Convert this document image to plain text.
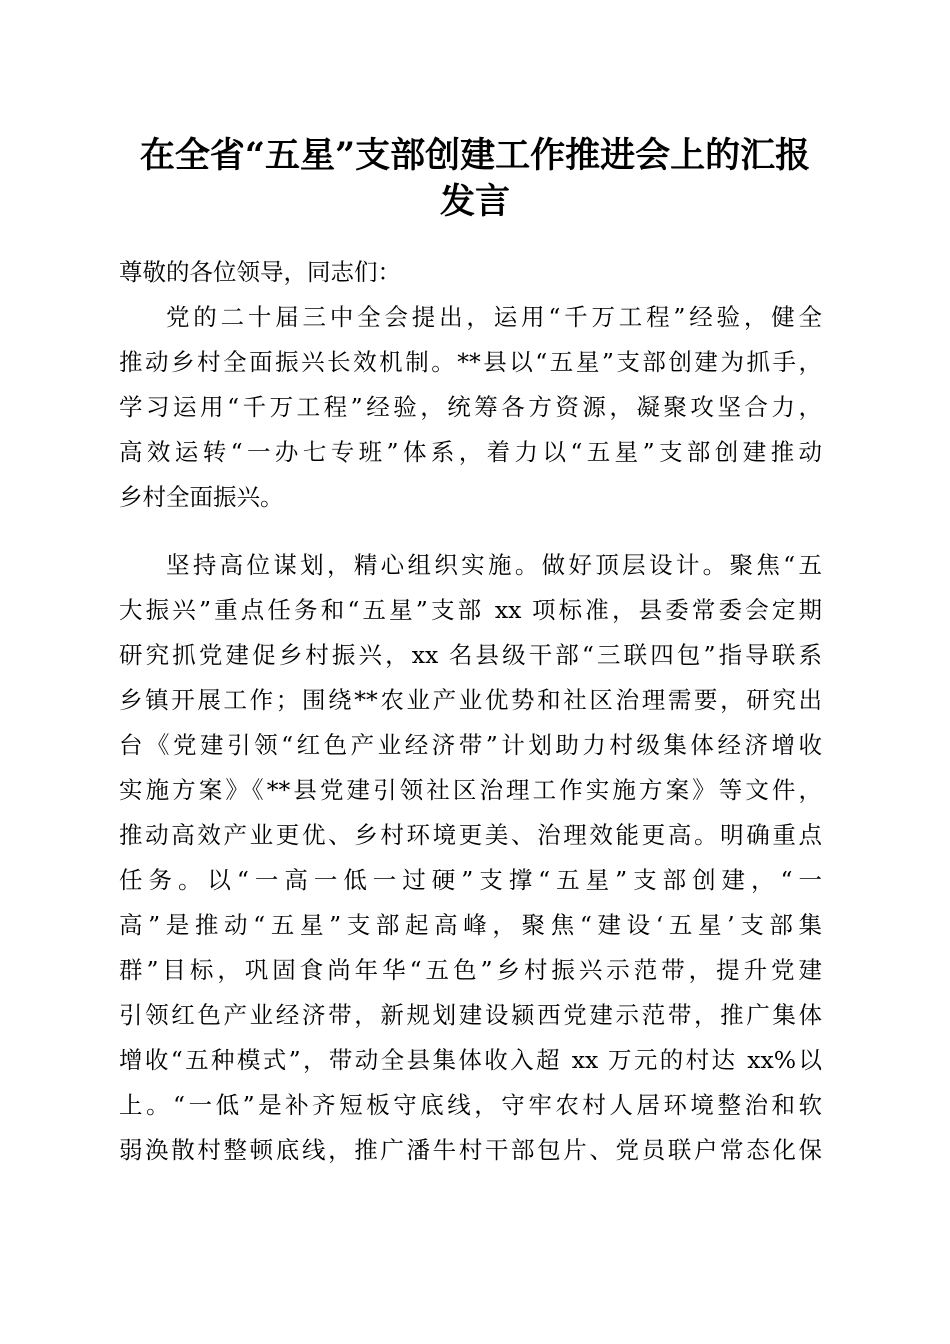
在全省“五星”支部创建工作推进会上的汇报
发言
尊敬的各位领导，同志们：
党的二十届三中全会提出，运用“千万工程”经验，健全
推动乡村全面振兴长效机制。**县以“五星”支部创建为抓手，
学习运用“千万工程”经验，统筹各方资源，凝聚攻坚合力，
高效运转“一办七专班”体系，着力以“五星”支部创建推动
乡村全面振兴。
坚持高位谋划，精心组织实施。做好顶层设计。聚焦“五
大振兴”重点任务和“五星”支部 xx 项标准，县委常委会定期
研究抓党建促乡村振兴，xx 名县级干部“三联四包”指导联系
乡镇开展工作；围绕**农业产业优势和社区治理需要，研究出
台《党建引领“红色产业经济带”计划助力村级集体经济增收
实施方案》《**县党建引领社区治理工作实施方案》等文件，
推动高效产业更优、乡村环境更美、治理效能更高。明确重点
任务。以“一高一低一过硬”支撑“五星”支部创建，“一
高”是推动“五星”支部起高峰，聚焦“建设‘五星’支部集
群”目标，巩固食尚年华“五色”乡村振兴示范带，提升党建
引领红色产业经济带，新规划建设颍西党建示范带，推广集体
增收“五种模式”，带动全县集体收入超 xx 万元的村达 xx%以
上。“一低”是补齐短板守底线，守牢农村人居环境整治和软
弱涣散村整顿底线，推广潘牛村干部包片、党员联户常态化保
